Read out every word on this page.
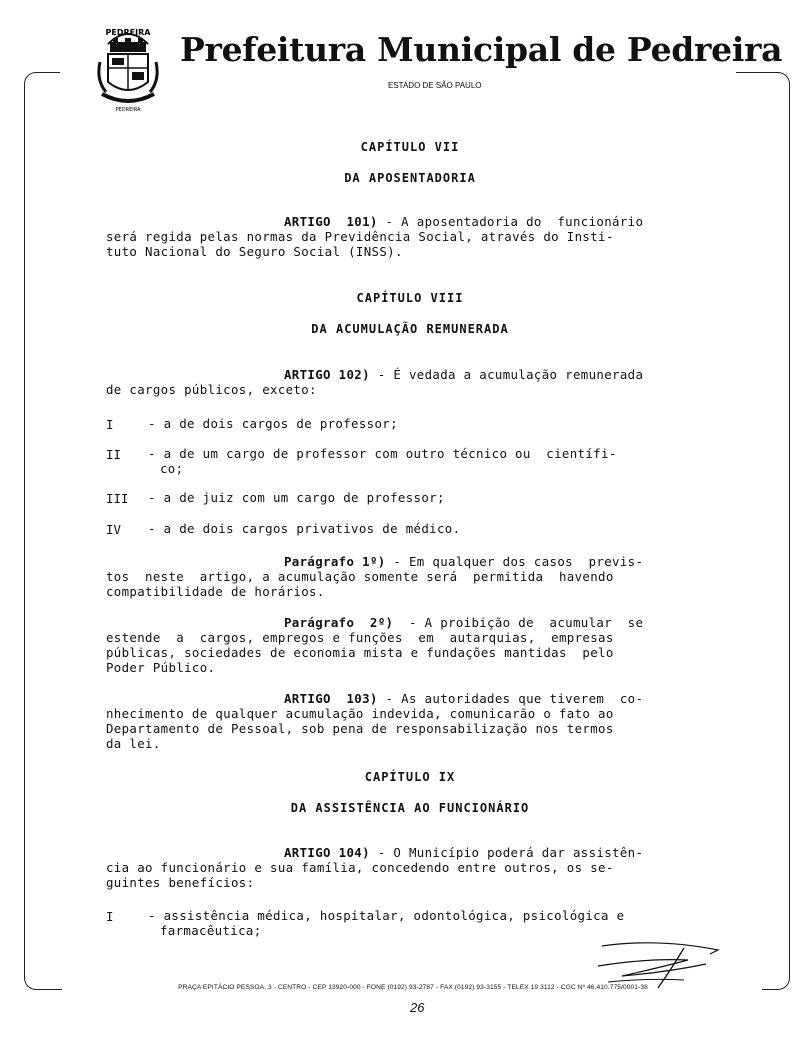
PEDREIRA
PEDREIRA
Prefeitura Municipal de Pedreira
ESTADO DE SÃO PAULO
CAPÍTULO VII
DA APOSENTADORIA
ARTIGO  101) - A aposentadoria do  funcionário
será regida pelas normas da Previdência Social, através do Insti-
tuto Nacional do Seguro Social (INSS).
CAPÍTULO VIII
DA ACUMULAÇÃO REMUNERADA
ARTIGO 102) - É vedada a acumulação remunerada
de cargos públicos, exceto:
I	- a de dois cargos de professor;
II - a de um cargo de professor com outro técnico ou  científi-
co;
III - a de juiz com um cargo de professor;
IV - a de dois cargos privativos de médico.
Parágrafo 1º) - Em qualquer dos casos  previs-
tos  neste  artigo, a acumulação somente será  permitida  havendo
compatibilidade de horários.
Parágrafo  2º)  - A proibição de  acumular  se
estende  a  cargos, empregos e funções  em  autarquias,  empresas
públicas, sociedades de economia mista e fundações mantidas  pelo
Poder Público.
ARTIGO  103) - As autoridades que tiverem  co-
nhecimento de qualquer acumulação indevida, comunicarão o fato ao
Departamento de Pessoal, sob pena de responsabilização nos termos
da lei.
CAPÍTULO IX
DA ASSISTÊNCIA AO FUNCIONÁRIO
ARTIGO 104) - O Município poderá dar assistên-
cia ao funcionário e sua família, concedendo entre outros, os se-
guintes benefícios:
I	- assistência médica, hospitalar, odontológica, psicológica e
farmacêutica;
PRAÇA EPITÁCIO PESSOA, 3 - CENTRO - CEP 13920-000 - FONE (0192) 93-2787 - FAX (0192) 93-3155 - TELEX 19 3112 - CGC Nº 46.410.775/0001-38
26
